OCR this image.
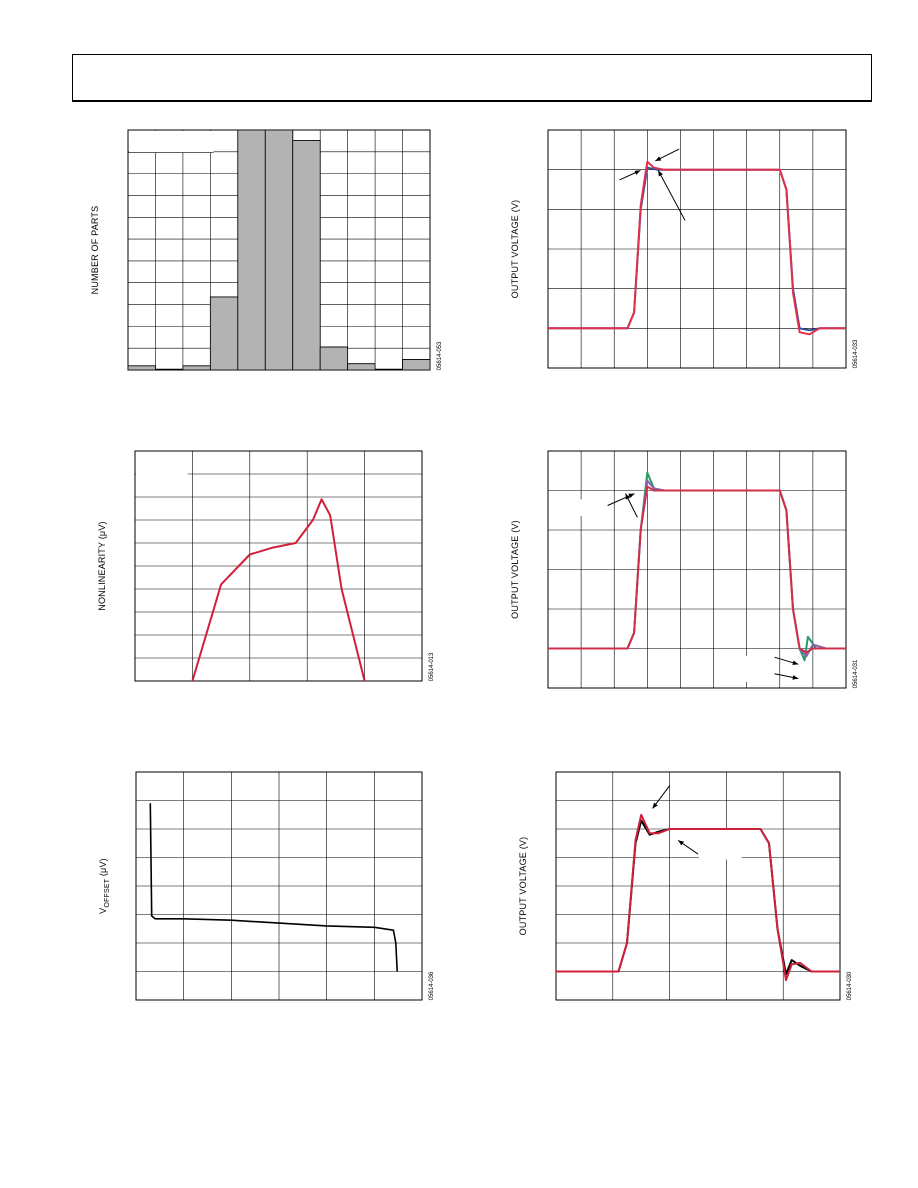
NUMBER OF PARTS
05614-053
OUTPUT VOLTAGE (V)
05614-033
NONLINEARITY (μV)
05614-013
OUTPUT VOLTAGE (V)
05614-031
$V_{OFFSET}$ (μV)
05614-036
OUTPUT VOLTAGE (V)
05614-030
